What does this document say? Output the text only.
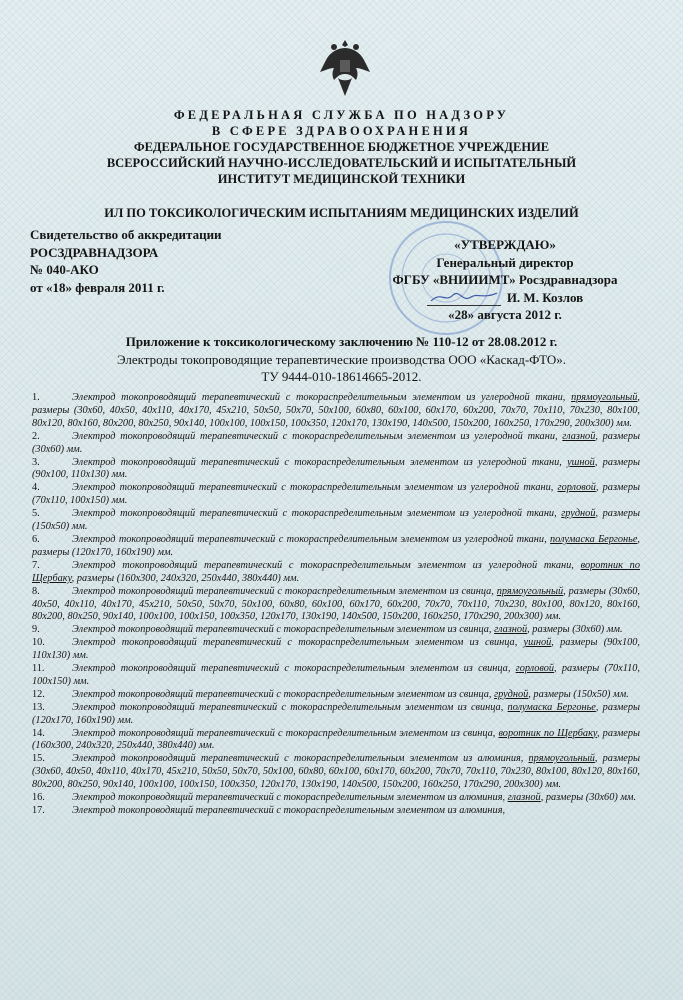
ФЕДЕРАЛЬНАЯ СЛУЖБА ПО НАДЗОРУ
В СФЕРЕ ЗДРАВООХРАНЕНИЯ
ФЕДЕРАЛЬНОЕ ГОСУДАРСТВЕННОЕ БЮДЖЕТНОЕ УЧРЕЖДЕНИЕ
ВСЕРОССИЙСКИЙ НАУЧНО-ИССЛЕДОВАТЕЛЬСКИЙ И ИСПЫТАТЕЛЬНЫЙ
ИНСТИТУТ МЕДИЦИНСКОЙ ТЕХНИКИ
ИЛ ПО ТОКСИКОЛОГИЧЕСКИМ ИСПЫТАНИЯМ МЕДИЦИНСКИХ ИЗДЕЛИЙ
Свидетельство об аккредитации
РОСЗДРАВНАДЗОРА
№ 040-АКО
от «18» февраля 2011 г.
«УТВЕРЖДАЮ»
Генеральный директор
ФГБУ «ВНИИИМТ» Росздравнадзора
И. М. Козлов
«28» августа 2012 г.
Приложение к токсикологическому заключению № 110-12 от 28.08.2012 г.
Электроды токопроводящие терапевтические производства ООО «Каскад-ФТО».
ТУ 9444-010-18614665-2012.
1.	Электрод токопроводящий терапевтический с токораспределительным элементом из углеродной ткани, прямоугольный, размеры (30x60, 40x50, 40x110, 40x170, 45x210, 50x50, 50x70, 50x100, 60x80, 60x100, 60x170, 60x200, 70x70, 70x110, 70x230, 80x100, 80x120, 80x160, 80x200, 80x250, 90x140, 100x100, 100x150, 100x350, 120x170, 130x190, 140x500, 150x200, 160x250, 170x290, 200x300) мм.
2.	Электрод токопроводящий терапевтический с токораспределительным элементом из углеродной ткани, глазной, размеры (30x60) мм.
3.	Электрод токопроводящий терапевтический с токораспределительным элементом из углеродной ткани, ушной, размеры (90x100, 110x130) мм.
4.	Электрод токопроводящий терапевтический с токораспределительным элементом из углеродной ткани, горловой, размеры (70x110, 100x150) мм.
5.	Электрод токопроводящий терапевтический с токораспределительным элементом из углеродной ткани, грудной, размеры (150x50) мм.
6.	Электрод токопроводящий терапевтический с токораспределительным элементом из углеродной ткани, полумаска Бергонье, размеры (120x170, 160x190) мм.
7.	Электрод токопроводящий терапевтический с токораспределительным элементом из углеродной ткани, воротник по Щербаку, размеры (160x300, 240x320, 250x440, 380x440) мм.
8.	Электрод токопроводящий терапевтический с токораспределительным элементом из свинца, прямоугольный, размеры (30x60, 40x50, 40x110, 40x170, 45x210, 50x50, 50x70, 50x100, 60x80, 60x100, 60x170, 60x200, 70x70, 70x110, 70x230, 80x100, 80x120, 80x160, 80x200, 80x250, 90x140, 100x100, 100x150, 100x350, 120x170, 130x190, 140x500, 150x200, 160x250, 170x290, 200x300) мм.
9.	Электрод токопроводящий терапевтический с токораспределительным элементом из свинца, глазной, размеры (30x60) мм.
10.	Электрод токопроводящий терапевтический с токораспределительным элементом из свинца, ушной, размеры (90x100, 110x130) мм.
11.	Электрод токопроводящий терапевтический с токораспределительным элементом из свинца, горловой, размеры (70x110, 100x150) мм.
12.	Электрод токопроводящий терапевтический с токораспределительным элементом из свинца, грудной, размеры (150x50) мм.
13.	Электрод токопроводящий терапевтический с токораспределительным элементом из свинца, полумаска Бергонье, размеры (120x170, 160x190) мм.
14.	Электрод токопроводящий терапевтический с токораспределительным элементом из свинца, воротник по Щербаку, размеры (160x300, 240x320, 250x440, 380x440) мм.
15.	Электрод токопроводящий терапевтический с токораспределительным элементом из алюминия, прямоугольный, размеры (30x60, 40x50, 40x110, 40x170, 45x210, 50x50, 50x70, 50x100, 60x80, 60x100, 60x170, 60x200, 70x70, 70x110, 70x230, 80x100, 80x120, 80x160, 80x200, 80x250, 90x140, 100x100, 100x150, 100x350, 120x170, 130x190, 140x500, 150x200, 160x250, 170x290, 200x300) мм.
16.	Электрод токопроводящий терапевтический с токораспределительным элементом из алюминия, глазной, размеры (30x60) мм.
17.	Электрод токопроводящий терапевтический с токораспределительным элементом из алюминия,
